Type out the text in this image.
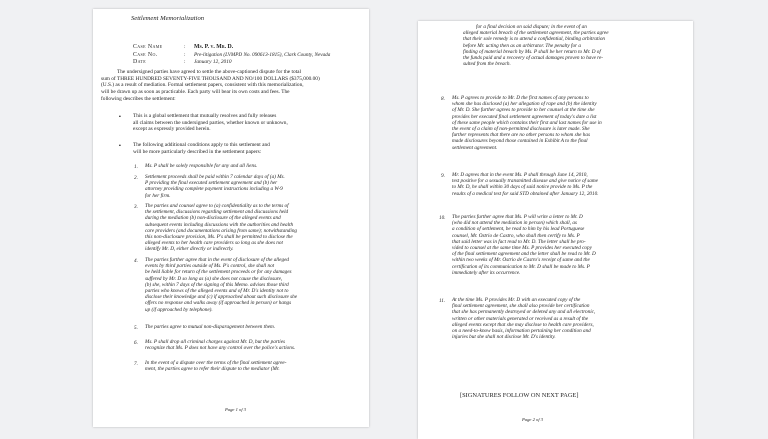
Settlement Memorialization
Case Name	: Ms. P. v. Mr. D.
Case No.	: Pre-litigation (LVMPD No. 090613-1815), Clark County, Nevada
Date	: January 12, 2010
The undersigned parties have agreed to settle the above-captioned dispute for the total
sum of THREE HUNDRED SEVENTY-FIVE THOUSAND AND NO/100 DOLLARS ($375,000.00)
(U.S.) as a result of mediation. Formal settlement papers, consistent with this memorialization,
will be drawn up as soon as practicable. Each party will bear its own costs and fees. The
following describes the settlement:
▪ This is a global settlement that mutually resolves and fully releases
all claims between the undersigned parties, whether known or unknown,
except as expressly provided herein.
▪ The following additional conditions apply to this settlement and
will be more particularly described in the settlement papers:
1. Ms. P shall be solely responsible for any and all liens.
2. Settlement proceeds shall be paid within 7 calendar days of (a) Ms.
P providing the final executed settlement agreement and (b) her
attorney providing complete payment instructions including a W-9
for her firm.
3. The parties and counsel agree to (a) confidentiality as to the terms of
the settlement, discussions regarding settlement and discussions held
during the mediation (b) non-disclosure of the alleged events and
subsequent events including discussions with the authorities and health
care providers (and documentations arising from same); notwithstanding
this non-disclosure provision, Ms. P's shall be permitted to disclose the
alleged events to her health care providers so long as she does not
identify Mr. D, either directly or indirectly.
4. The parties further agree that in the event of disclosure of the alleged
events by third parties outside of Ms. P's control, she shall not
be held liable for return of the settlement proceeds or for any damages
suffered by Mr. D so long as (a) she does not cause the disclosure,
(b) she, within 7 days of the signing of this Memo. advises those third
parties who knows of the alleged events and of Mr. D's identity not to
disclose their knowledge and (c) if approached about such disclosure she
offers no response and walks away (if approached in person) or hangs
up (if approached by telephone).
5. The parties agree to mutual non-disparagement between them.
6. Ms. P shall drop all criminal charges against Mr. D, but the parties
recognize that Ms. P does not have any control over the police's actions.
7. In the event of a dispute over the terms of the final settlement agree-
ment, the parties agree to refer their dispute to the mediator (Mr.
Page 1 of 3
for a final decision on said dispute; in the event of an
alleged material breach of the settlement agreement, the parties agree
that their sole remedy is to attend a confidential, binding arbitration
before Mr. ucting then as an arbitrator. The penalty for a
finding of material breach by Ms. P shall be her return to Mr. D of
the funds paid and a recovery of actual damages proven to have re-
sulted from the breach.
8. Ms. P agrees to provide to Mr. D the first names of any persons to
whom she has disclosed (a) her allegation of rape and (b) the identity
of Mr. D. She further agrees to provide to her counsel at the time she
provides her executed final settlement agreement of today's date a list
of these same people which contains their first and last names for use in
the event of a claim of non-permitted disclosure is later made. She
further represents that there are no other persons to whom she has
made disclosures beyond those contained in Exhibit A to the final
settlement agreement.
9. Mr. D agrees that in the event Ms. P shall through June 14, 2010,
test positive for a sexually transmitted disease and give notice of same
to Mr. D, he shall within 30 days of said notice provide to Ms. P the
results of a medical test for said STD obtained after January 12, 2010.
10. The parties further agree that Ms. P will write a letter to Mr. D
(who did not attend the mediation in person) which shall, as
a condition of settlement, be read to him by his lead Portuguese
counsel, Mr. Ostrio de Castro, who shall then certify to Ms. P
that said letter was in fact read to Mr. D. The letter shall be pro-
vided to counsel at the same time Ms. P provides her executed copy
of the final settlement agreement and the letter shall be read to Mr. D
within two weeks of Mr. Ostrio de Castro's receipt of same and the
certification of its communication to Mr. D shall be made to Ms. P
immediately after its occurrence.
11. At the time Ms. P provides Mr. D with an executed copy of the
final settlement agreement, she shall also provide her certification
that she has permanently destroyed or deleted any and all electronic,
written or other materials generated or received as a result of the
alleged events except that she may disclose to health care providers,
on a need-to-know basis, information pertaining her condition and
injuries but she shall not disclose Mr. D's identity.
[SIGNATURES FOLLOW ON NEXT PAGE]
Page 2 of 3
